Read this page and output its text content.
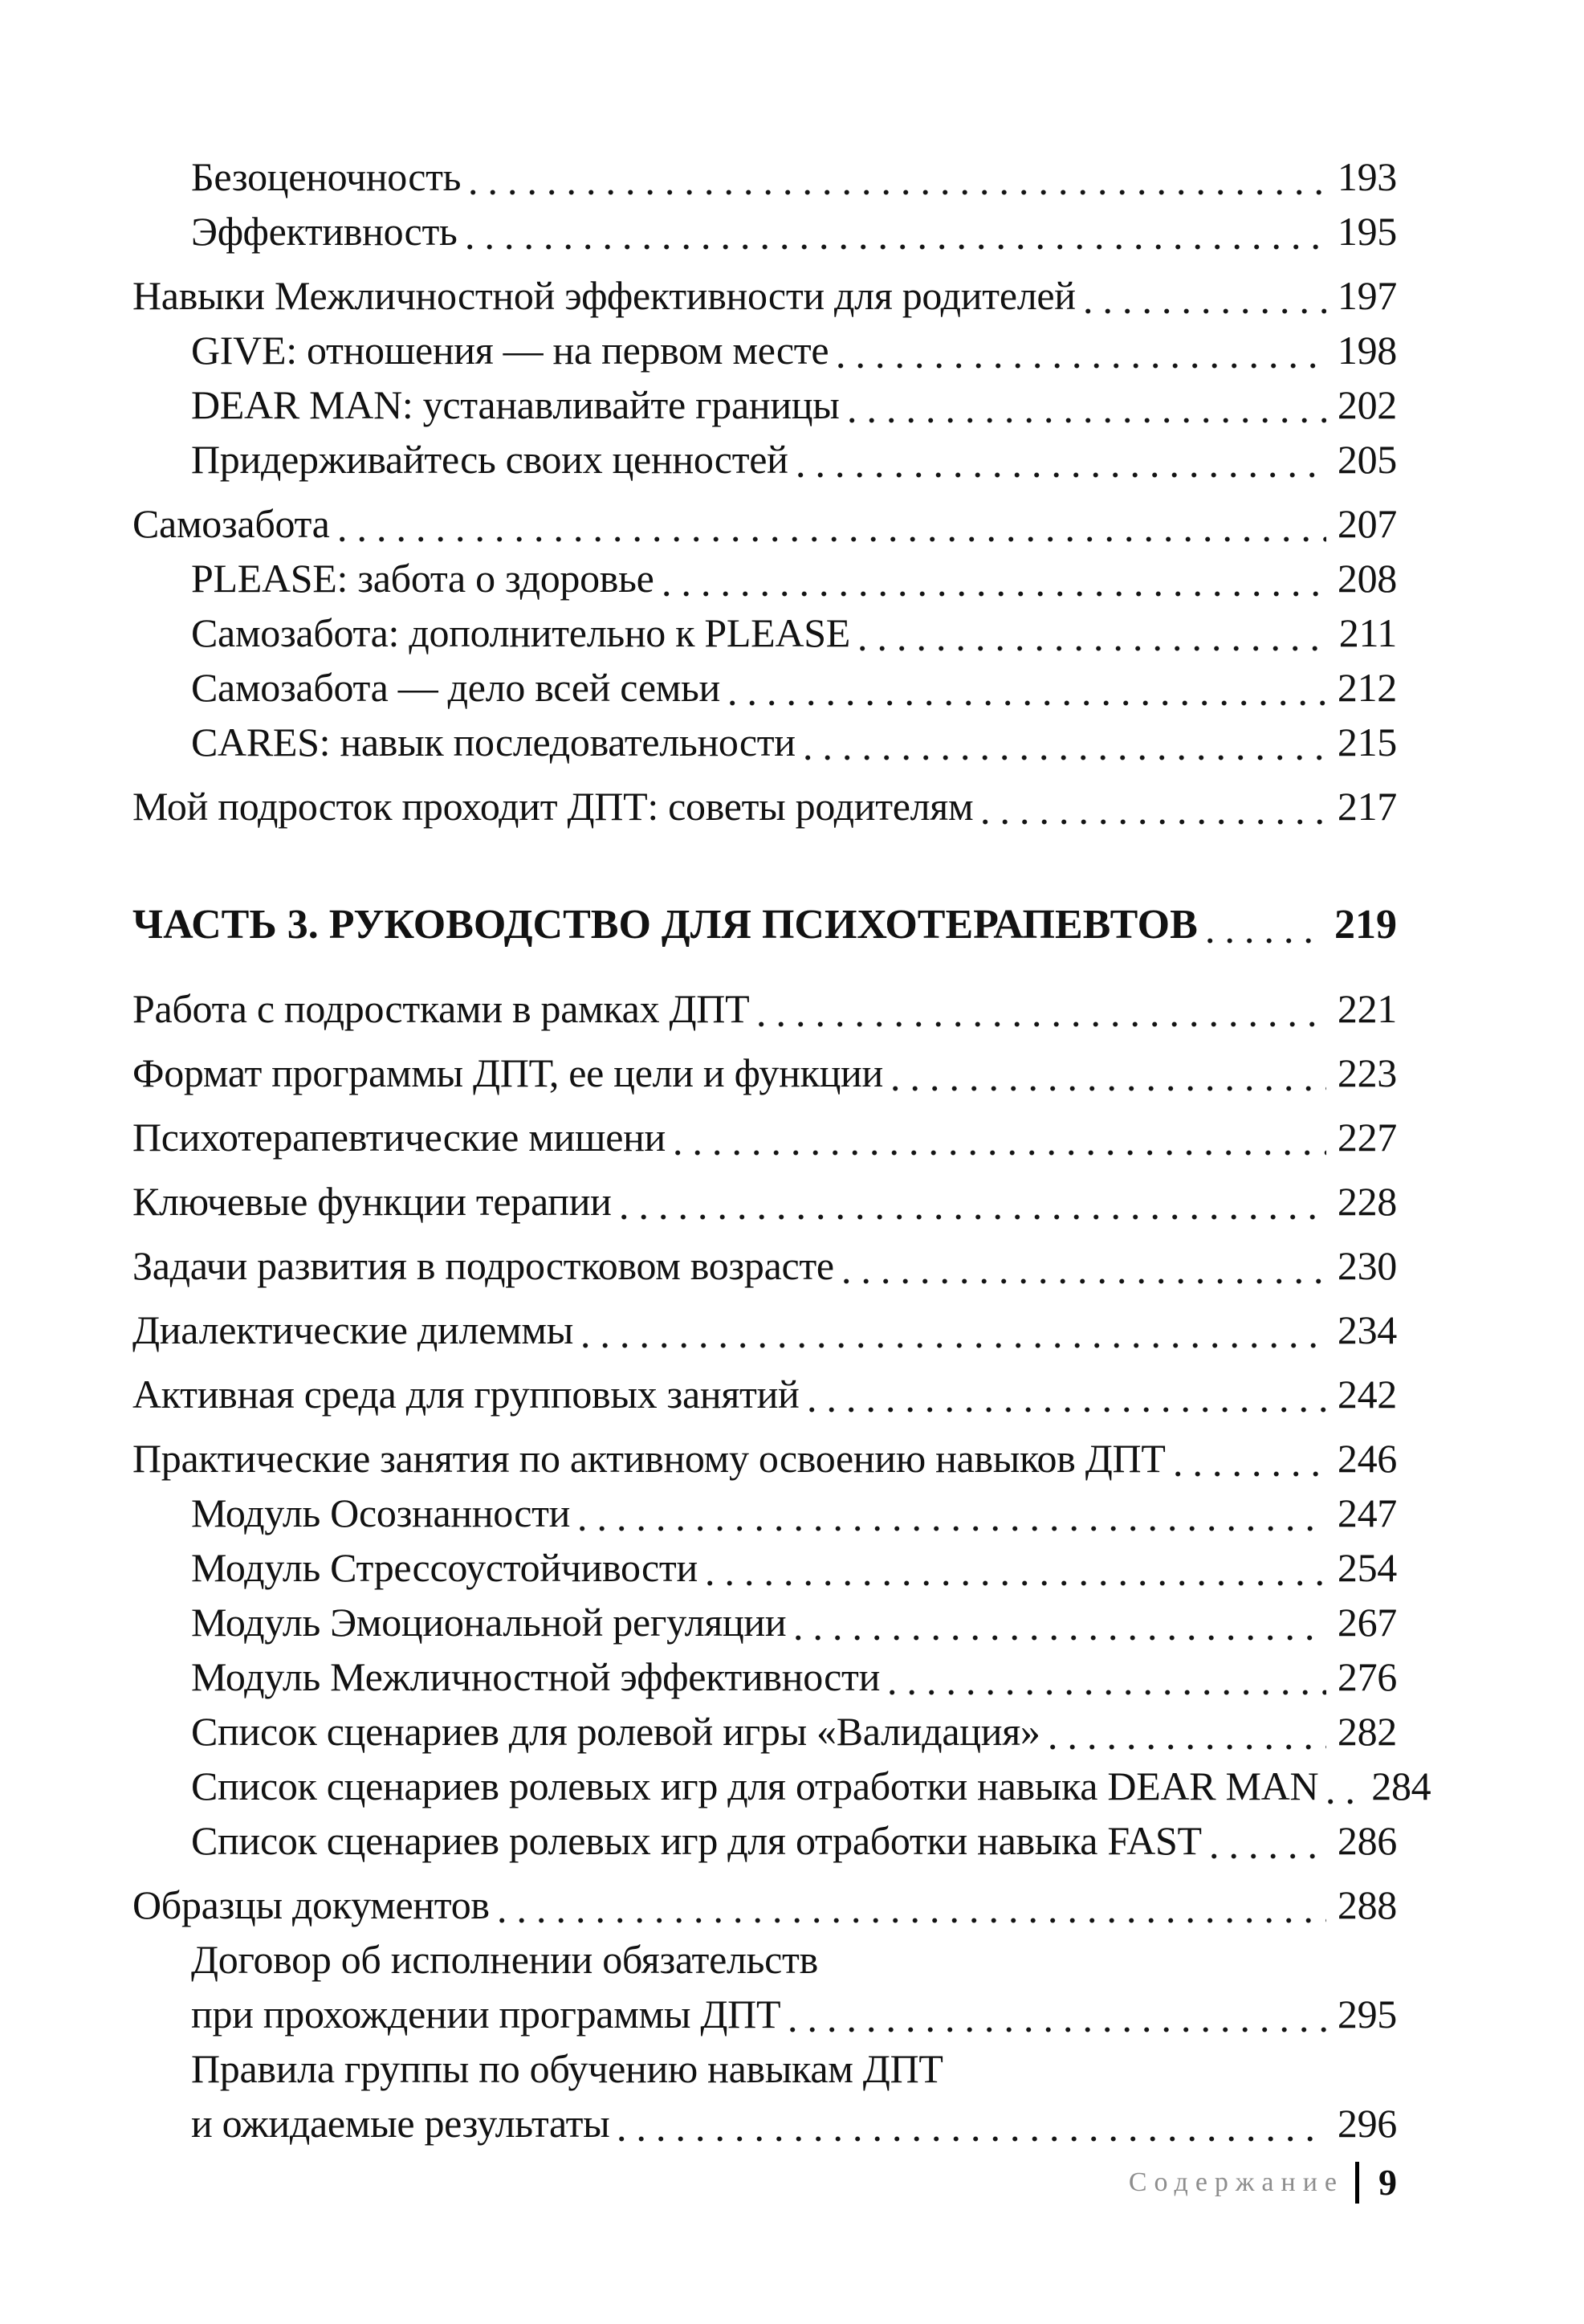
Безоценочность	193
Эффективность	195
Навыки Межличностной эффективности для родителей	197
GIVE: отношения — на первом месте	198
DEAR MAN: устанавливайте границы	202
Придерживайтесь своих ценностей	205
Самозабота	207
PLEASE: забота о здоровье	208
Самозабота: дополнительно к PLEASE	211
Самозабота — дело всей семьи	212
CARES: навык последовательности	215
Мой подросток проходит ДПТ: советы родителям	217
ЧАСТЬ 3. РУКОВОДСТВО ДЛЯ ПСИХОТЕРАПЕВТОВ	219
Работа с подростками в рамках ДПТ	221
Формат программы ДПТ, ее цели и функции	223
Психотерапевтические мишени	227
Ключевые функции терапии	228
Задачи развития в подростковом возрасте	230
Диалектические дилеммы	234
Активная среда для групповых занятий	242
Практические занятия по активному освоению навыков ДПТ	246
Модуль Осознанности	247
Модуль Стрессоустойчивости	254
Модуль Эмоциональной регуляции	267
Модуль Межличностной эффективности	276
Список сценариев для ролевой игры «Валидация»	282
Список сценариев ролевых игр для отработки навыка DEAR MAN 284
Список сценариев ролевых игр для отработки навыка FAST	286
Образцы документов	288
Договор об исполнении обязательств
при прохождении программы ДПТ	295
Правила группы по обучению навыкам ДПТ
и ожидаемые результаты	296
Содержание 9
